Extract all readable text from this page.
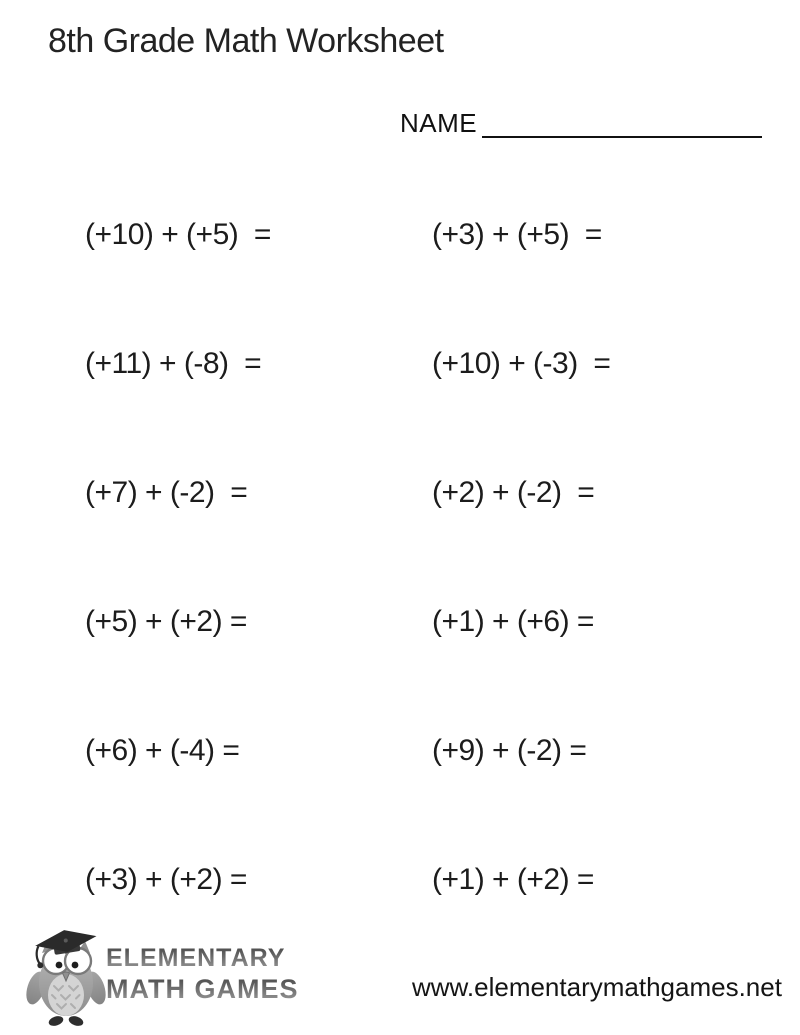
8th Grade Math Worksheet
NAME
(+10) + (+5)  =	(+3) + (+5)  =
(+11) + (-8)  =	(+10) + (-3)  =
(+7) + (-2)  =	(+2) + (-2)  =
(+5) + (+2) =	(+1) + (+6) =
(+6) + (-4) =	(+9) + (-2) =
(+3) + (+2) =	(+1) + (+2) =
ELEMENTARY
MATH GAMES	www.elementarymathgames.net
